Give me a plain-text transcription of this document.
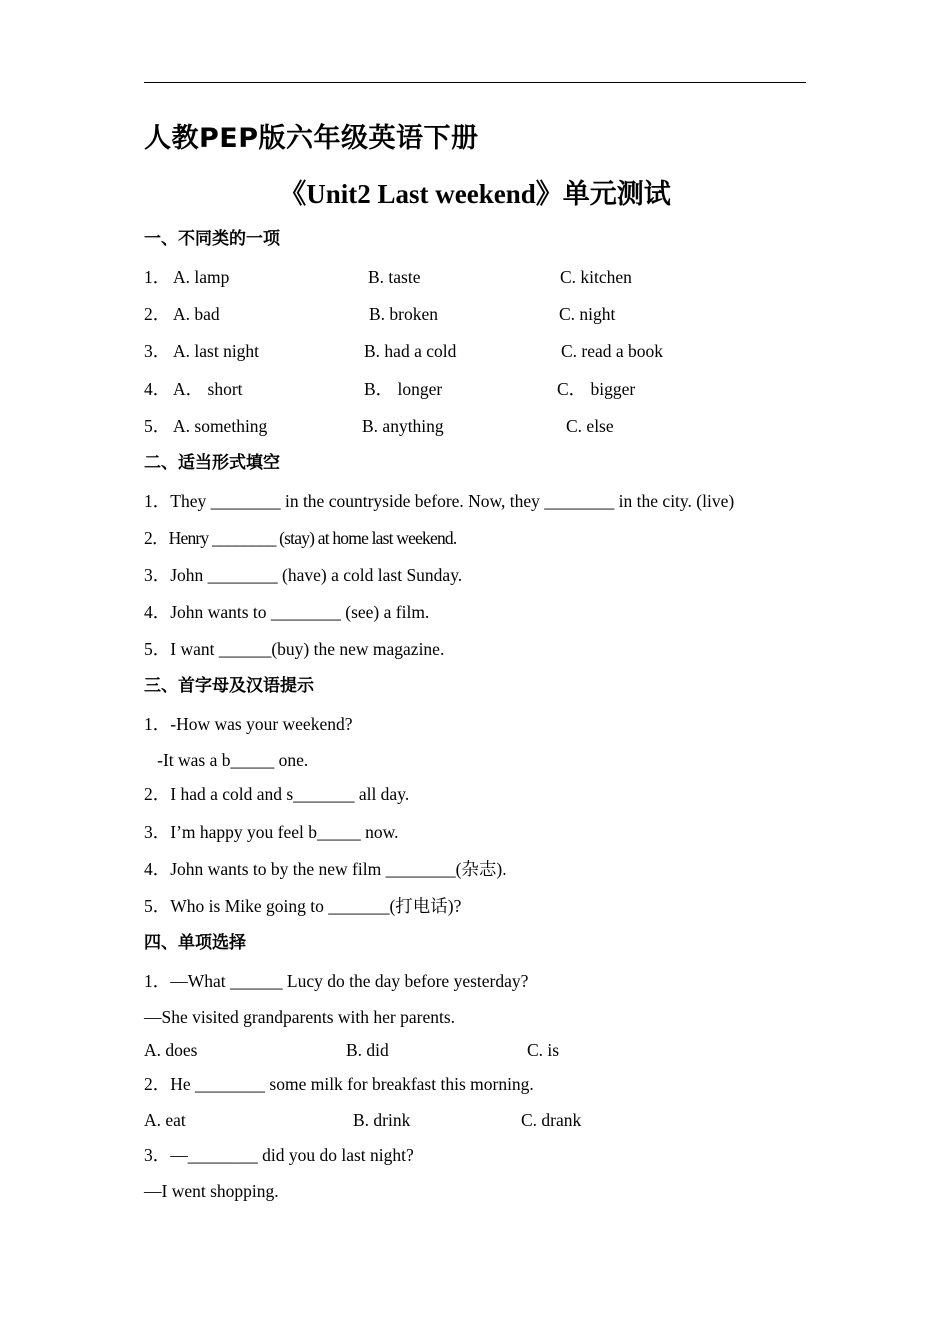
人教PEP版六年级英语下册
《Unit2 Last weekend》单元测试
一、不同类的一项
1． A. lamp	B. taste	C. kitchen
2． A. bad	B. broken	C. night
3． A. last night	B. had a cold	C. read a book
4． A． short	B． longer	C． bigger
5． A. something	B. anything	C. else
二、适当形式填空
1．They ________ in the countryside before. Now, they ________ in the city. (live)
2．Henry ________ (stay) at home last weekend.
3．John ________ (have) a cold last Sunday.
4．John wants to ________ (see) a film.
5．I want ______(buy) the new magazine.
三、首字母及汉语提示
1．-How was your weekend?
-It was a b_____ one.
2．I had a cold and s_______ all day.
3．I’m happy you feel b_____ now.
4．John wants to by the new film ________(杂志).
5．Who is Mike going to _______(打电话)?
四、单项选择
1．—What ______ Lucy do the day before yesterday?
—She visited grandparents with her parents.
A. does	B. did	C. is
2．He ________ some milk for breakfast this morning.
A. eat	B. drink	C. drank
3．—________ did you do last night?
—I went shopping.
